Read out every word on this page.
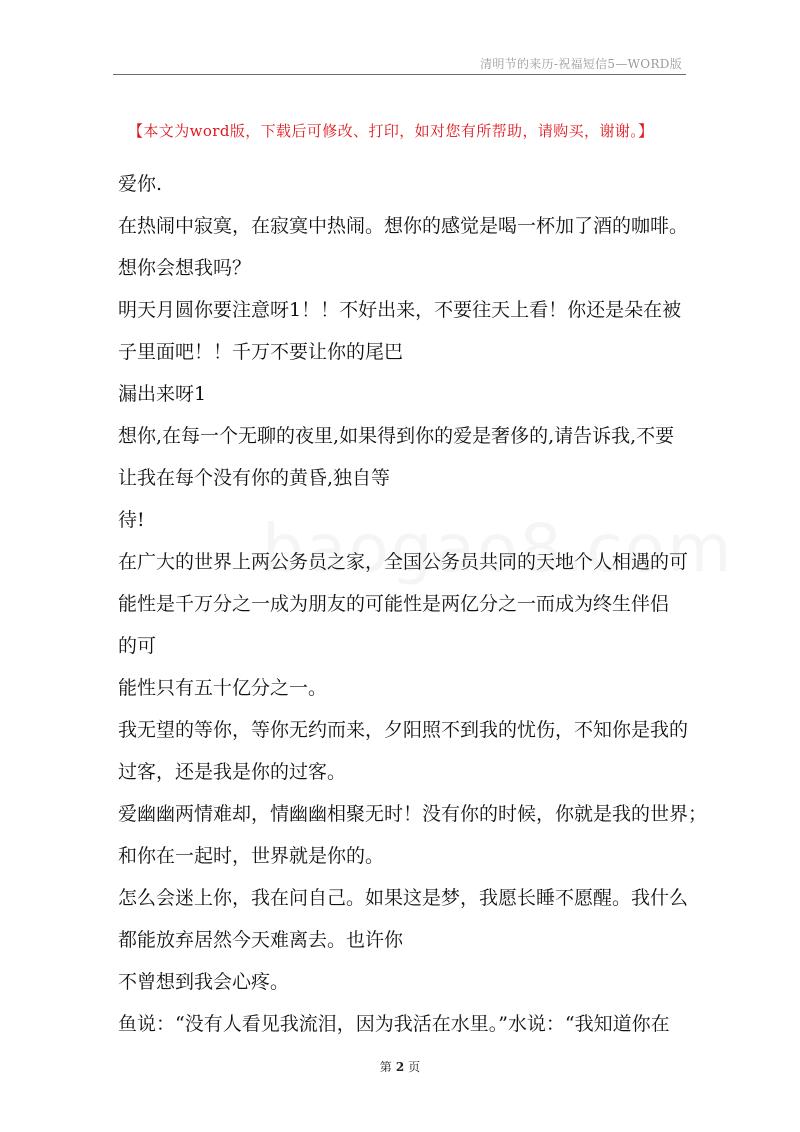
清明节的来历-祝福短信5—WORD版
【本文为word版，下载后可修改、打印，如对您有所帮助，请购买，谢谢。】
爱你.
在热闹中寂寞，在寂寞中热闹。想你的感觉是喝一杯加了酒的咖啡。
想你会想我吗？
明天月圆你要注意呀1！！不好出来，不要往天上看！你还是朵在被
子里面吧！！千万不要让你的尾巴
漏出来呀1
想你,在每一个无聊的夜里,如果得到你的爱是奢侈的,请告诉我,不要
让我在每个没有你的黄昏,独自等
待!
在广大的世界上两公务员之家，全国公务员共同的天地个人相遇的可
能性是千万分之一成为朋友的可能性是两亿分之一而成为终生伴侣
的可
能性只有五十亿分之一。
我无望的等你，等你无约而来，夕阳照不到我的忧伤，不知你是我的
过客，还是我是你的过客。
爱幽幽两情难却，情幽幽相聚无时！没有你的时候，你就是我的世界；
和你在一起时，世界就是你的。
怎么会迷上你，我在问自己。如果这是梦，我愿长睡不愿醒。我什么
都能放弃居然今天难离去。也许你
不曾想到我会心疼。
鱼说：“没有人看见我流泪，因为我活在水里。”水说：“我知道你在
第 2 页
